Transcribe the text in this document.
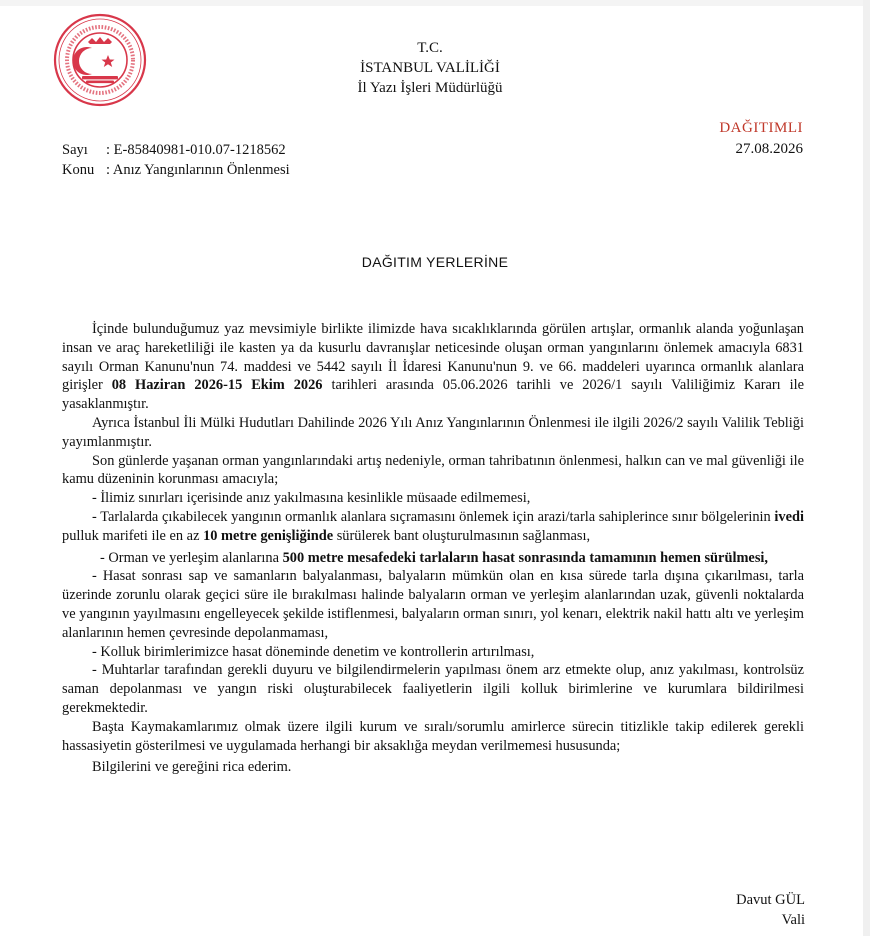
T.C.
İSTANBUL VALİLİĞİ
İl Yazı İşleri Müdürlüğü
DAĞITIMLI
27.08.2026
Sayı : E-85840981-010.07-1218562
Konu : Anız Yangınlarının Önlenmesi
DAĞITIM YERLERİNE

İçinde bulunduğumuz yaz mevsimiyle birlikte ilimizde hava sıcaklıklarında görülen artışlar, ormanlık alanda yoğunlaşan insan ve araç hareketliliği ile kasten ya da kusurlu davranışlar neticesinde oluşan orman yangınlarını önlemek amacıyla 6831 sayılı Orman Kanunu'nun 74. maddesi ve 5442 sayılı İl İdaresi Kanunu'nun 9. ve 66. maddeleri uyarınca ormanlık alanlara girişler 08 Haziran 2026-15 Ekim 2026 tarihleri arasında 05.06.2026 tarihli ve 2026/1 sayılı Valiliğimiz Kararı ile yasaklanmıştır.

Ayrıca İstanbul İli Mülki Hudutları Dahilinde 2026 Yılı Anız Yangınlarının Önlenmesi ile ilgili 2026/2 sayılı Valilik Tebliği yayımlanmıştır.

Son günlerde yaşanan orman yangınlarındaki artış nedeniyle, orman tahribatının önlenmesi, halkın can ve mal güvenliği ile kamu düzeninin korunması amacıyla;

- İlimiz sınırları içerisinde anız yakılmasına kesinlikle müsaade edilmemesi,

- Tarlalarda çıkabilecek yangının ormanlık alanlara sıçramasını önlemek için arazi/tarla sahiplerince sınır bölgelerinin ivedi pulluk marifeti ile en az 10 metre genişliğinde sürülerek bant oluşturulmasının sağlanması,

- Orman ve yerleşim alanlarına 500 metre mesafedeki tarlaların hasat sonrasında tamamının hemen sürülmesi,

- Hasat sonrası sap ve samanların balyalanması, balyaların mümkün olan en kısa sürede tarla dışına çıkarılması, tarla üzerinde zorunlu olarak geçici süre ile bırakılması halinde balyaların orman ve yerleşim alanlarından uzak, güvenli noktalarda ve yangının yayılmasını engelleyecek şekilde istiflenmesi, balyaların orman sınırı, yol kenarı, elektrik nakil hattı altı ve yerleşim alanlarının hemen çevresinde depolanmaması,

- Kolluk birimlerimizce hasat döneminde denetim ve kontrollerin artırılması,

- Muhtarlar tarafından gerekli duyuru ve bilgilendirmelerin yapılması önem arz etmekte olup, anız yakılması, kontrolsüz saman depolanması ve yangın riski oluşturabilecek faaliyetlerin ilgili kolluk birimlerine ve kurumlara bildirilmesi gerekmektedir.

Başta Kaymakamlarımız olmak üzere ilgili kurum ve sıralı/sorumlu amirlerce sürecin titizlikle takip edilerek gerekli hassasiyetin gösterilmesi ve uygulamada herhangi bir aksaklığa meydan verilmemesi hususunda;

Bilgilerini ve gereğini rica ederim.

Davut GÜL
Vali
